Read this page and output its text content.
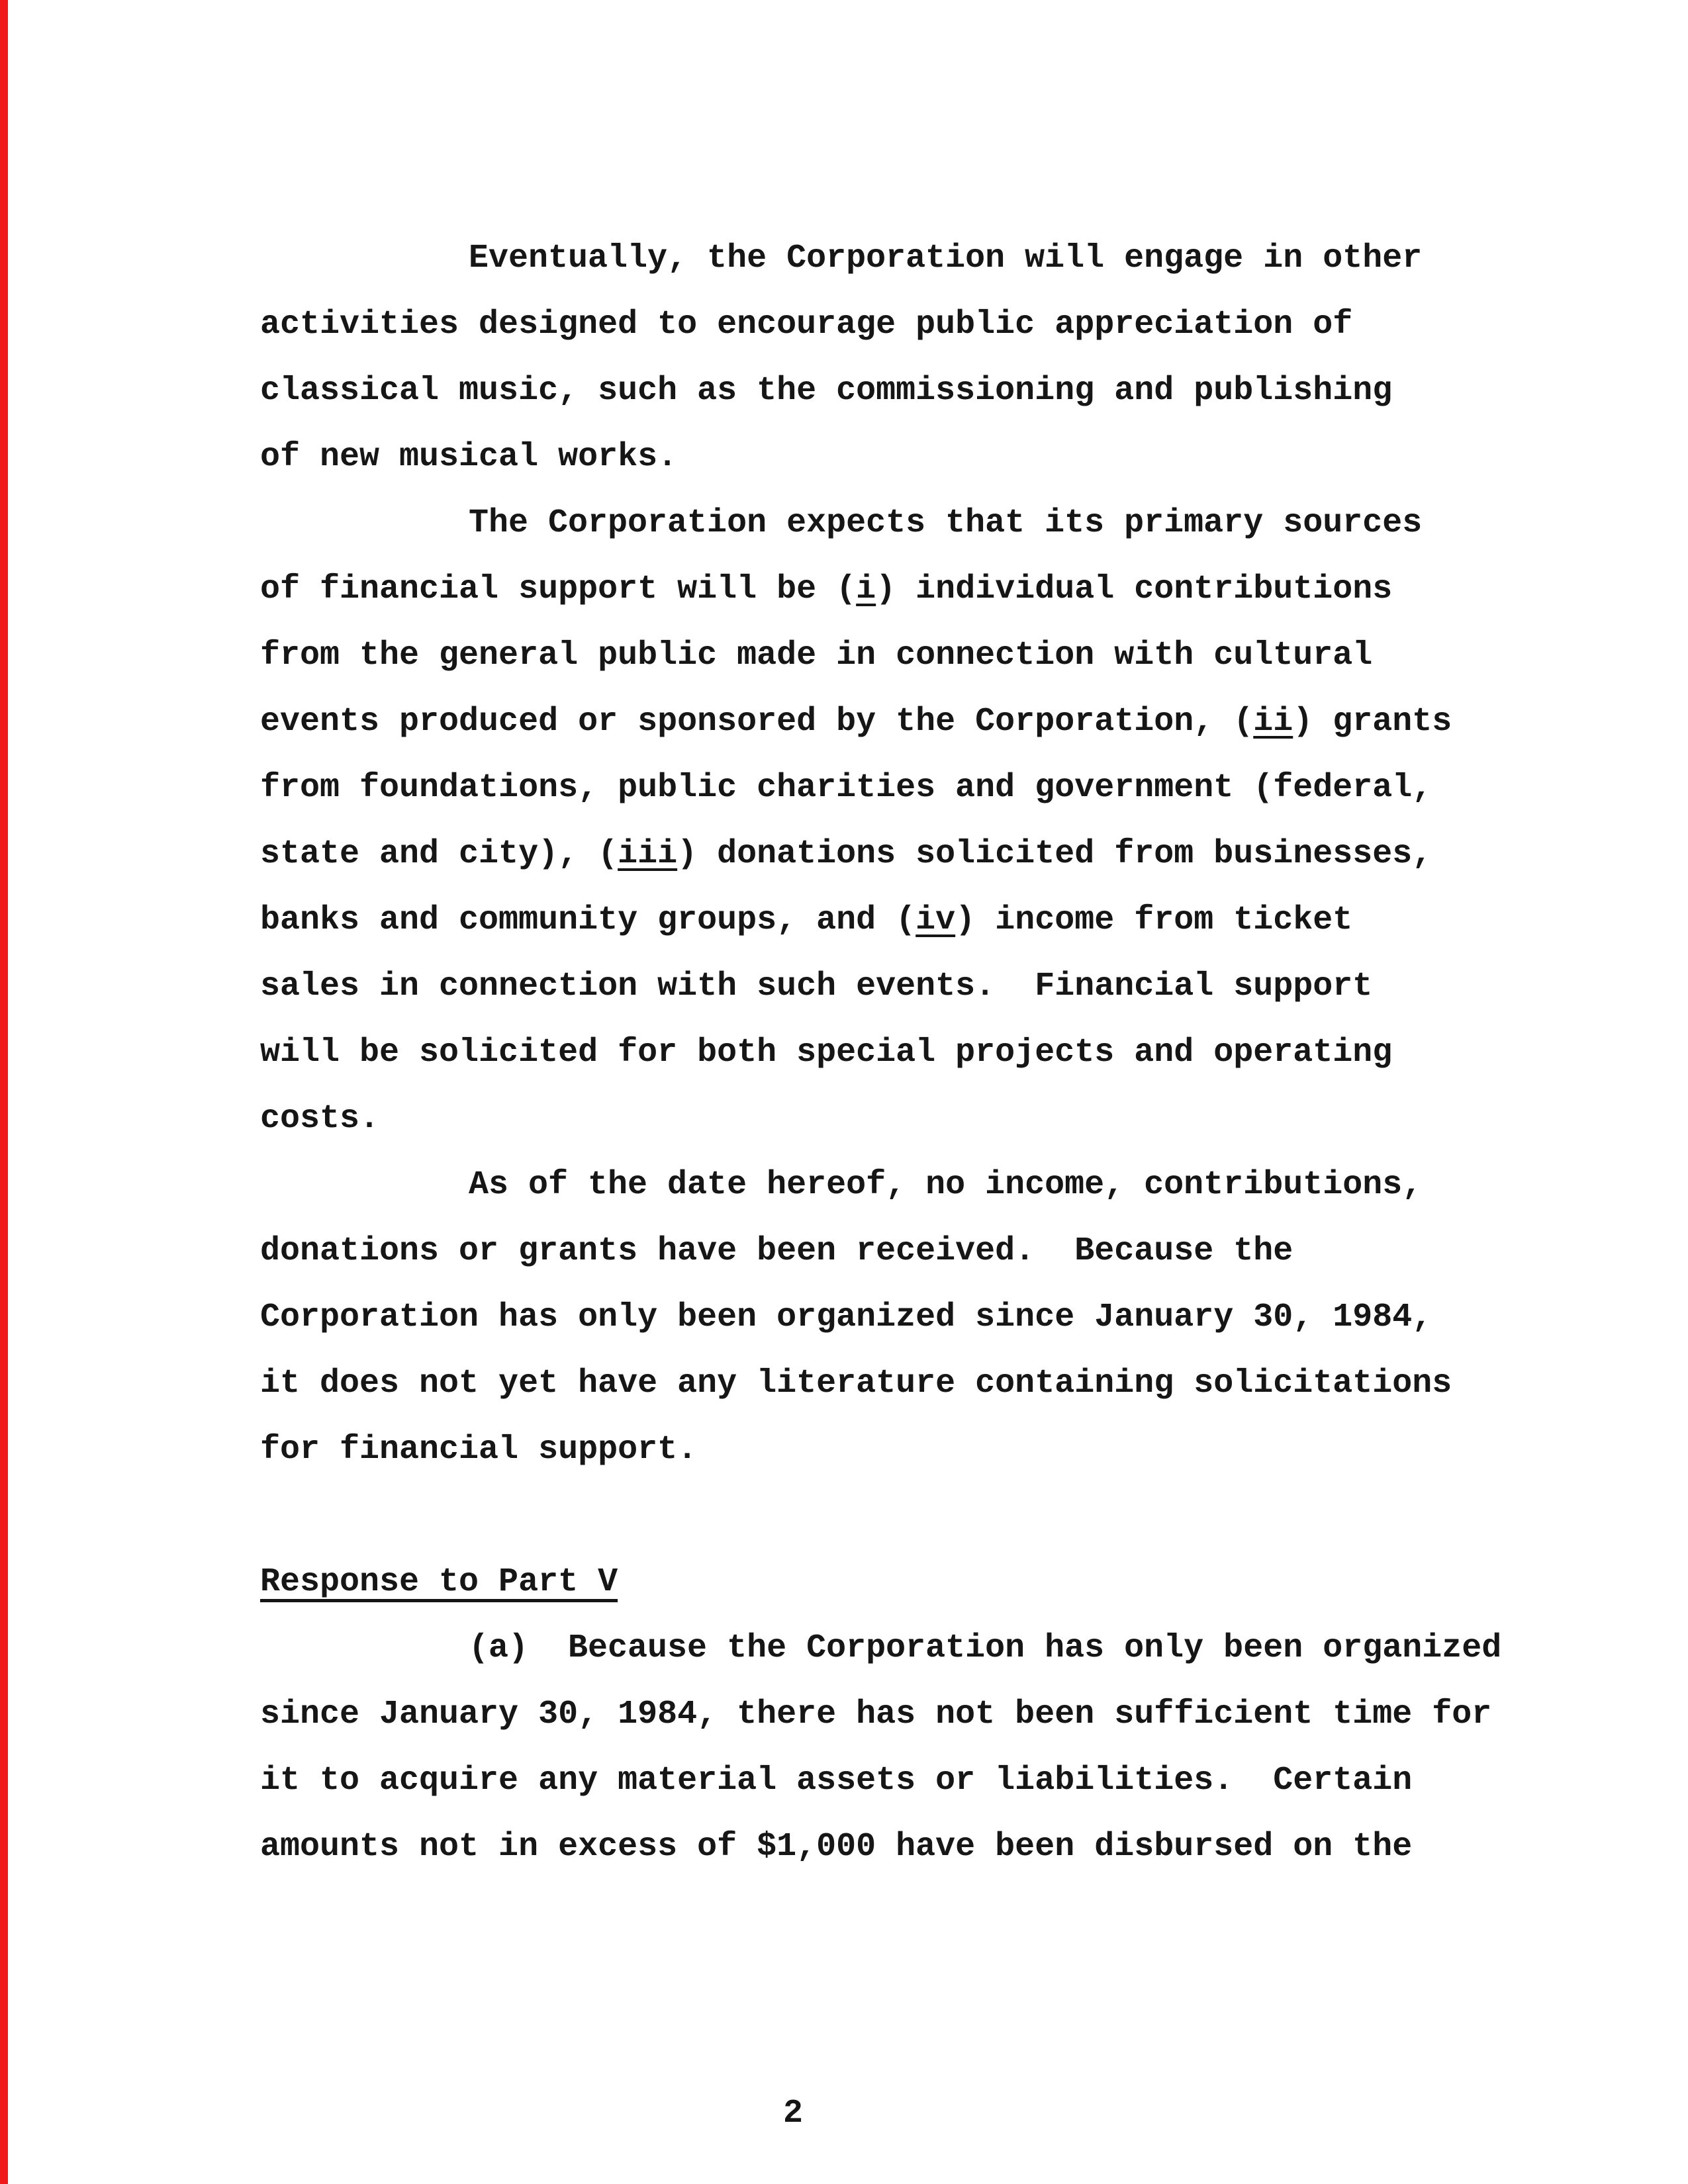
Eventually, the Corporation will engage in other
activities designed to encourage public appreciation of
classical music, such as the commissioning and publishing
of new musical works.
The Corporation expects that its primary sources
of financial support will be (i) individual contributions
from the general public made in connection with cultural
events produced or sponsored by the Corporation, (ii) grants
from foundations, public charities and government (federal,
state and city), (iii) donations solicited from businesses,
banks and community groups, and (iv) income from ticket
sales in connection with such events.  Financial support
will be solicited for both special projects and operating
costs.
As of the date hereof, no income, contributions,
donations or grants have been received.  Because the
Corporation has only been organized since January 30, 1984,
it does not yet have any literature containing solicitations
for financial support.
Response to Part V
(a)  Because the Corporation has only been organized
since January 30, 1984, there has not been sufficient time for
it to acquire any material assets or liabilities.  Certain
amounts not in excess of $1,000 have been disbursed on the
2
